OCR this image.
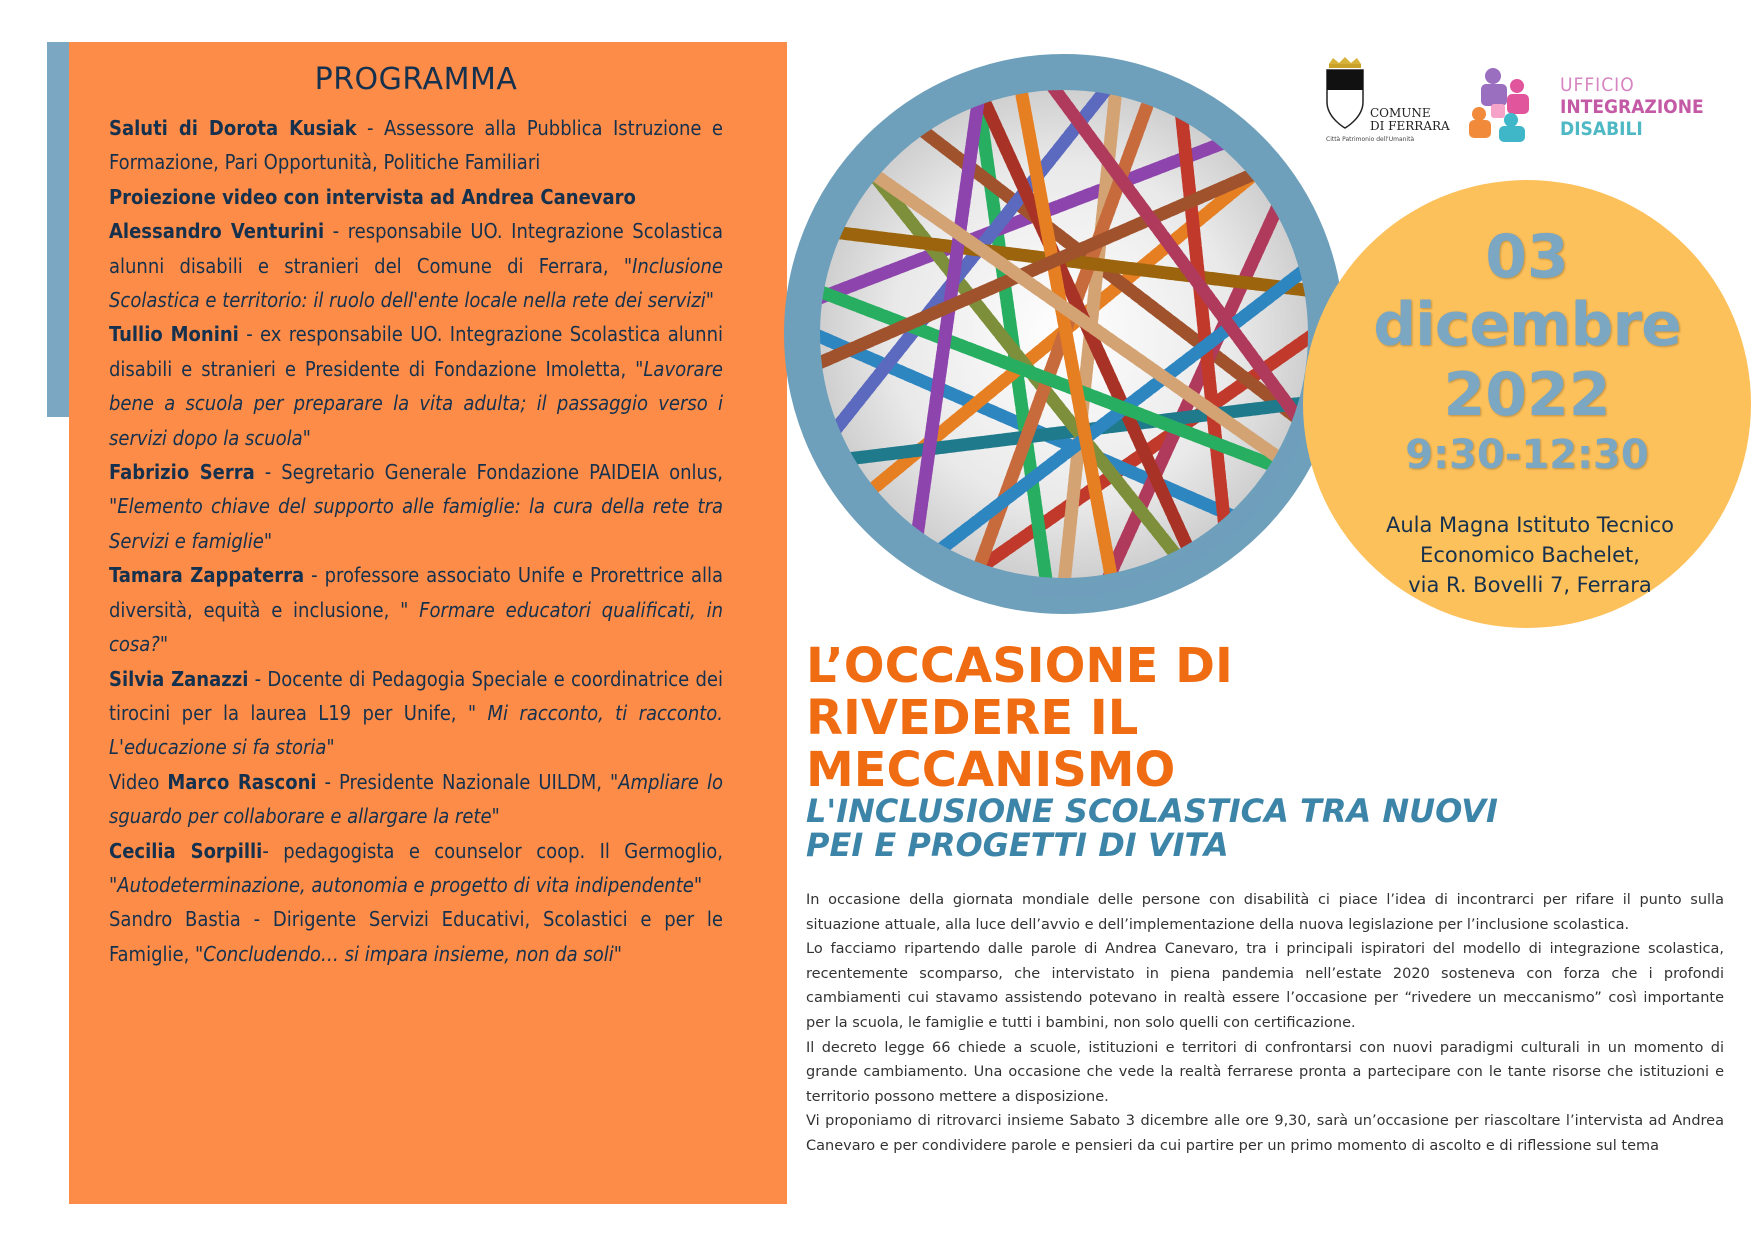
PROGRAMMA
Saluti di Dorota Kusiak - Assessore alla Pubblica Istruzione e Formazione, Pari Opportunità, Politiche Familiari
Proiezione video con intervista ad Andrea Canevaro
Alessandro Venturini - responsabile UO. Integrazione Scolastica alunni disabili e stranieri del Comune di Ferrara, "Inclusione Scolastica e territorio: il ruolo dell'ente locale nella rete dei servizi"
Tullio Monini - ex responsabile UO. Integrazione Scolastica alunni disabili e stranieri e Presidente di Fondazione Imoletta, "Lavorare bene a scuola per preparare la vita adulta; il passaggio verso i servizi dopo la scuola"
Fabrizio Serra - Segretario Generale Fondazione PAIDEIA onlus, "Elemento chiave del supporto alle famiglie: la cura della rete tra Servizi e famiglie"
Tamara Zappaterra - professore associato Unife e Prorettrice alla diversità, equità e inclusione, " Formare educatori qualificati, in cosa?"
Silvia Zanazzi - Docente di Pedagogia Speciale e coordinatrice dei tirocini per la laurea L19 per Unife, " Mi racconto, ti racconto. L'educazione si fa storia"
Video Marco Rasconi - Presidente Nazionale UILDM, "Ampliare lo sguardo per collaborare e allargare la rete"
Cecilia Sorpilli- pedagogista e counselor coop. Il Germoglio, "Autodeterminazione, autonomia e progetto di vita indipendente"
Sandro Bastia - Dirigente Servizi Educativi, Scolastici e per le Famiglie, "Concludendo… si impara insieme, non da soli"
COMUNE
DI FERRARA
Città Patrimonio dell'Umanità
UFFICIO
INTEGRAZIONE
DISABILI
03
dicembre
2022
9:30-12:30
Aula Magna Istituto Tecnico
Economico Bachelet,
via R. Bovelli 7, Ferrara
L’OCCASIONE DI RIVEDERE IL MECCANISMO
L'INCLUSIONE SCOLASTICA TRA NUOVI PEI E PROGETTI DI VITA

In occasione della giornata mondiale delle persone con disabilità ci piace l’idea di incontrarci per rifare il punto sulla situazione attuale, alla luce dell’avvio e dell’implementazione della nuova legislazione per l’inclusione scolastica.

Lo facciamo ripartendo dalle parole di Andrea Canevaro, tra i principali ispiratori del modello di integrazione scolastica, recentemente scomparso, che intervistato in piena pandemia nell’estate 2020 sosteneva con forza che i profondi cambiamenti cui stavamo assistendo potevano in realtà essere l’occasione per “rivedere un meccanismo” così importante per la scuola, le famiglie e tutti i bambini, non solo quelli con certificazione.

Il decreto legge 66 chiede a scuole, istituzioni e territori di confrontarsi con nuovi paradigmi culturali in un momento di grande cambiamento. Una occasione che vede la realtà ferrarese pronta a partecipare con le tante risorse che istituzioni e territorio possono mettere a disposizione.

Vi proponiamo di ritrovarci insieme Sabato 3 dicembre alle ore 9,30, sarà un’occasione per riascoltare l’intervista ad Andrea Canevaro e per condividere parole e pensieri da cui partire per un primo momento di ascolto e di riflessione sul tema
